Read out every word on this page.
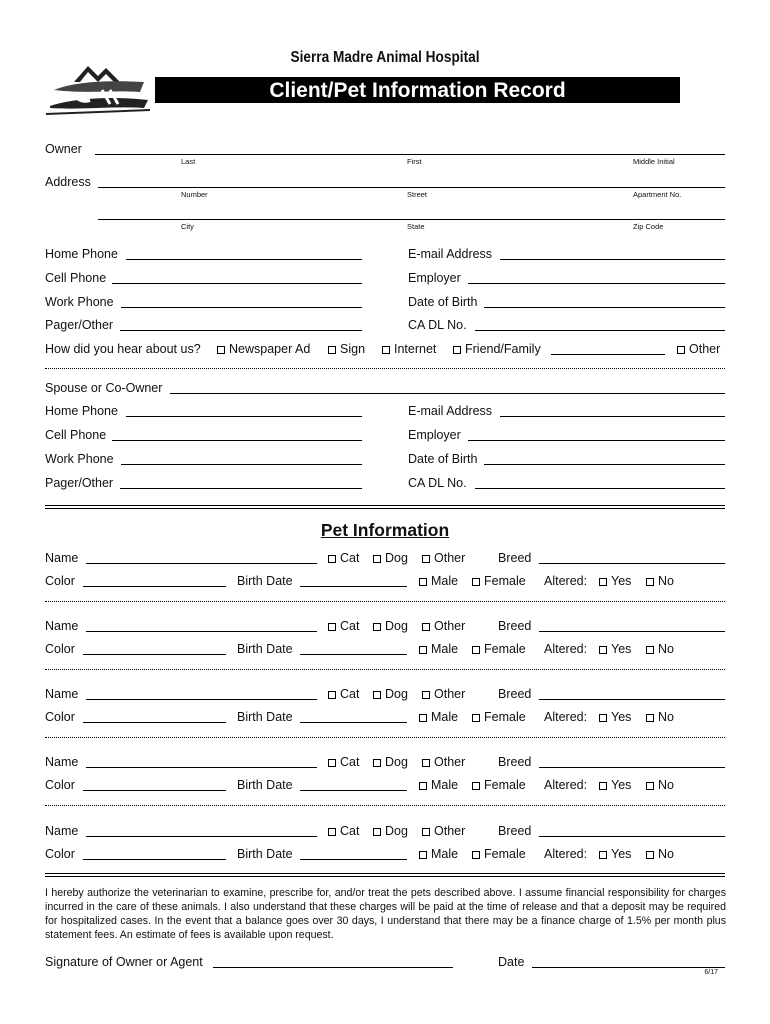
Sierra Madre Animal Hospital
Client/Pet Information Record
Owner
Last	First	Middle Initial
Address
Number	Street	Apartment No.
City	State	Zip Code
Home Phone	E-mail Address
Cell Phone	Employer
Work Phone	Date of Birth
Pager/Other	CA DL No.
How did you hear about us?	Newspaper Ad	Sign	Internet	Friend/Family	Other
Spouse or Co-Owner
Home Phone	E-mail Address
Cell Phone	Employer
Work Phone	Date of Birth
Pager/Other	CA DL No.
Pet Information
Name	Cat	Dog	Other	Breed
Color	Birth Date	Male	Female Altered:	Yes	No
Name	Cat	Dog	Other	Breed
Color	Birth Date	Male	Female Altered:	Yes	No
Name	Cat	Dog	Other	Breed
Color	Birth Date	Male	Female Altered:	Yes	No
Name	Cat	Dog	Other	Breed
Color	Birth Date	Male	Female Altered:	Yes	No
Name	Cat	Dog	Other	Breed
Color	Birth Date	Male	Female Altered:	Yes	No
I hereby authorize the veterinarian to examine, prescribe for, and/or treat the pets described above. I assume financial responsibility for charges incurred in the care of these animals. I also understand that these charges will be paid at the time of release and that a deposit may be required for hospitalized cases. In the event that a balance goes over 30 days, I understand that there may be a finance charge of 1.5% per month plus statement fees. An estimate of fees is available upon request.
Signature of Owner or Agent	Date
6/17
